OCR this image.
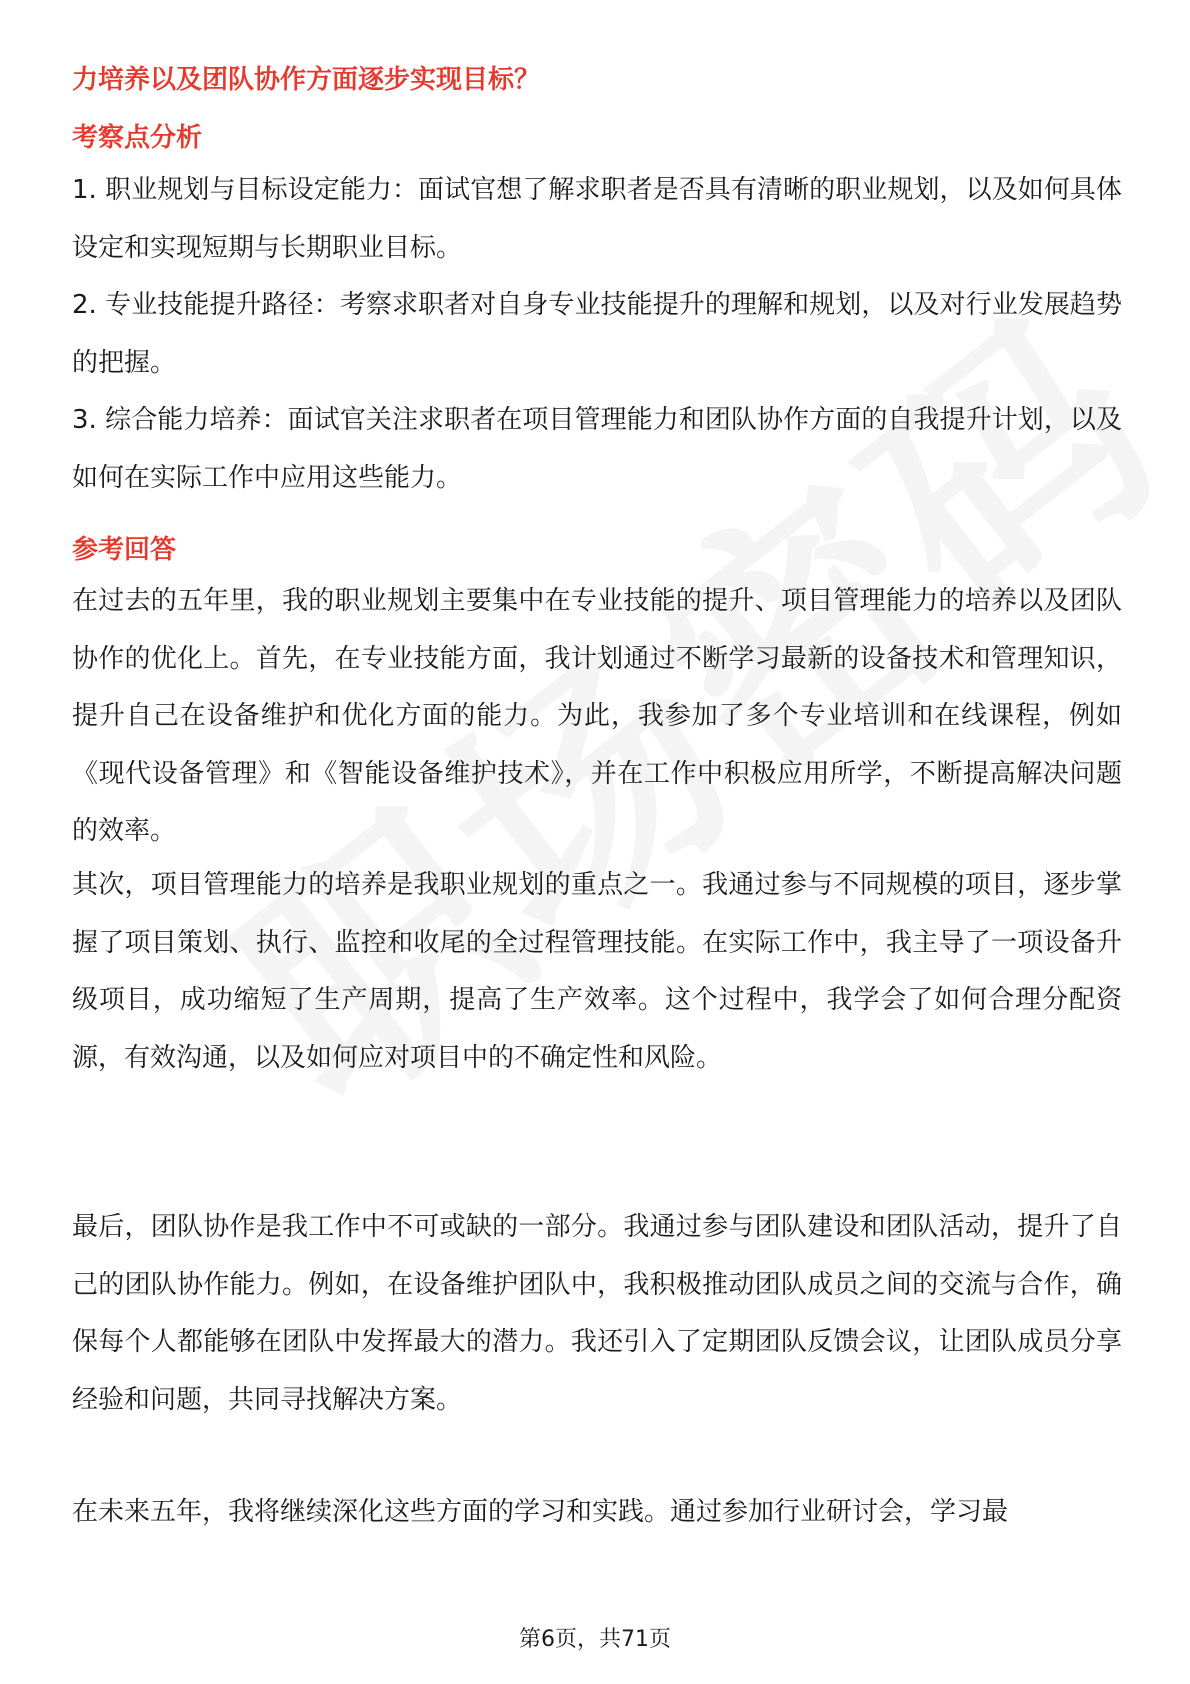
力培养以及团队协作方面逐步实现目标？

考察点分析

1. 职业规划与目标设定能力：面试官想了解求职者是否具有清晰的职业规划，以及如何具体设定和实现短期与长期职业目标。

2. 专业技能提升路径：考察求职者对自身专业技能提升的理解和规划，以及对行业发展趋势的把握。

3. 综合能力培养：面试官关注求职者在项目管理能力和团队协作方面的自我提升计划，以及如何在实际工作中应用这些能力。

参考回答

在过去的五年里，我的职业规划主要集中在专业技能的提升、项目管理能力的培养以及团队协作的优化上。首先，在专业技能方面，我计划通过不断学习最新的设备技术和管理知识，提升自己在设备维护和优化方面的能力。为此，我参加了多个专业培训和在线课程，例如《现代设备管理》和《智能设备维护技术》，并在工作中积极应用所学，不断提高解决问题的效率。

其次，项目管理能力的培养是我职业规划的重点之一。我通过参与不同规模的项目，逐步掌握了项目策划、执行、监控和收尾的全过程管理技能。在实际工作中，我主导了一项设备升级项目，成功缩短了生产周期，提高了生产效率。这个过程中，我学会了如何合理分配资源，有效沟通，以及如何应对项目中的不确定性和风险。

最后，团队协作是我工作中不可或缺的一部分。我通过参与团队建设和团队活动，提升了自己的团队协作能力。例如，在设备维护团队中，我积极推动团队成员之间的交流与合作，确保每个人都能够在团队中发挥最大的潜力。我还引入了定期团队反馈会议，让团队成员分享经验和问题，共同寻找解决方案。

在未来五年，我将继续深化这些方面的学习和实践。通过参加行业研讨会，学习最

第6页，共71页
